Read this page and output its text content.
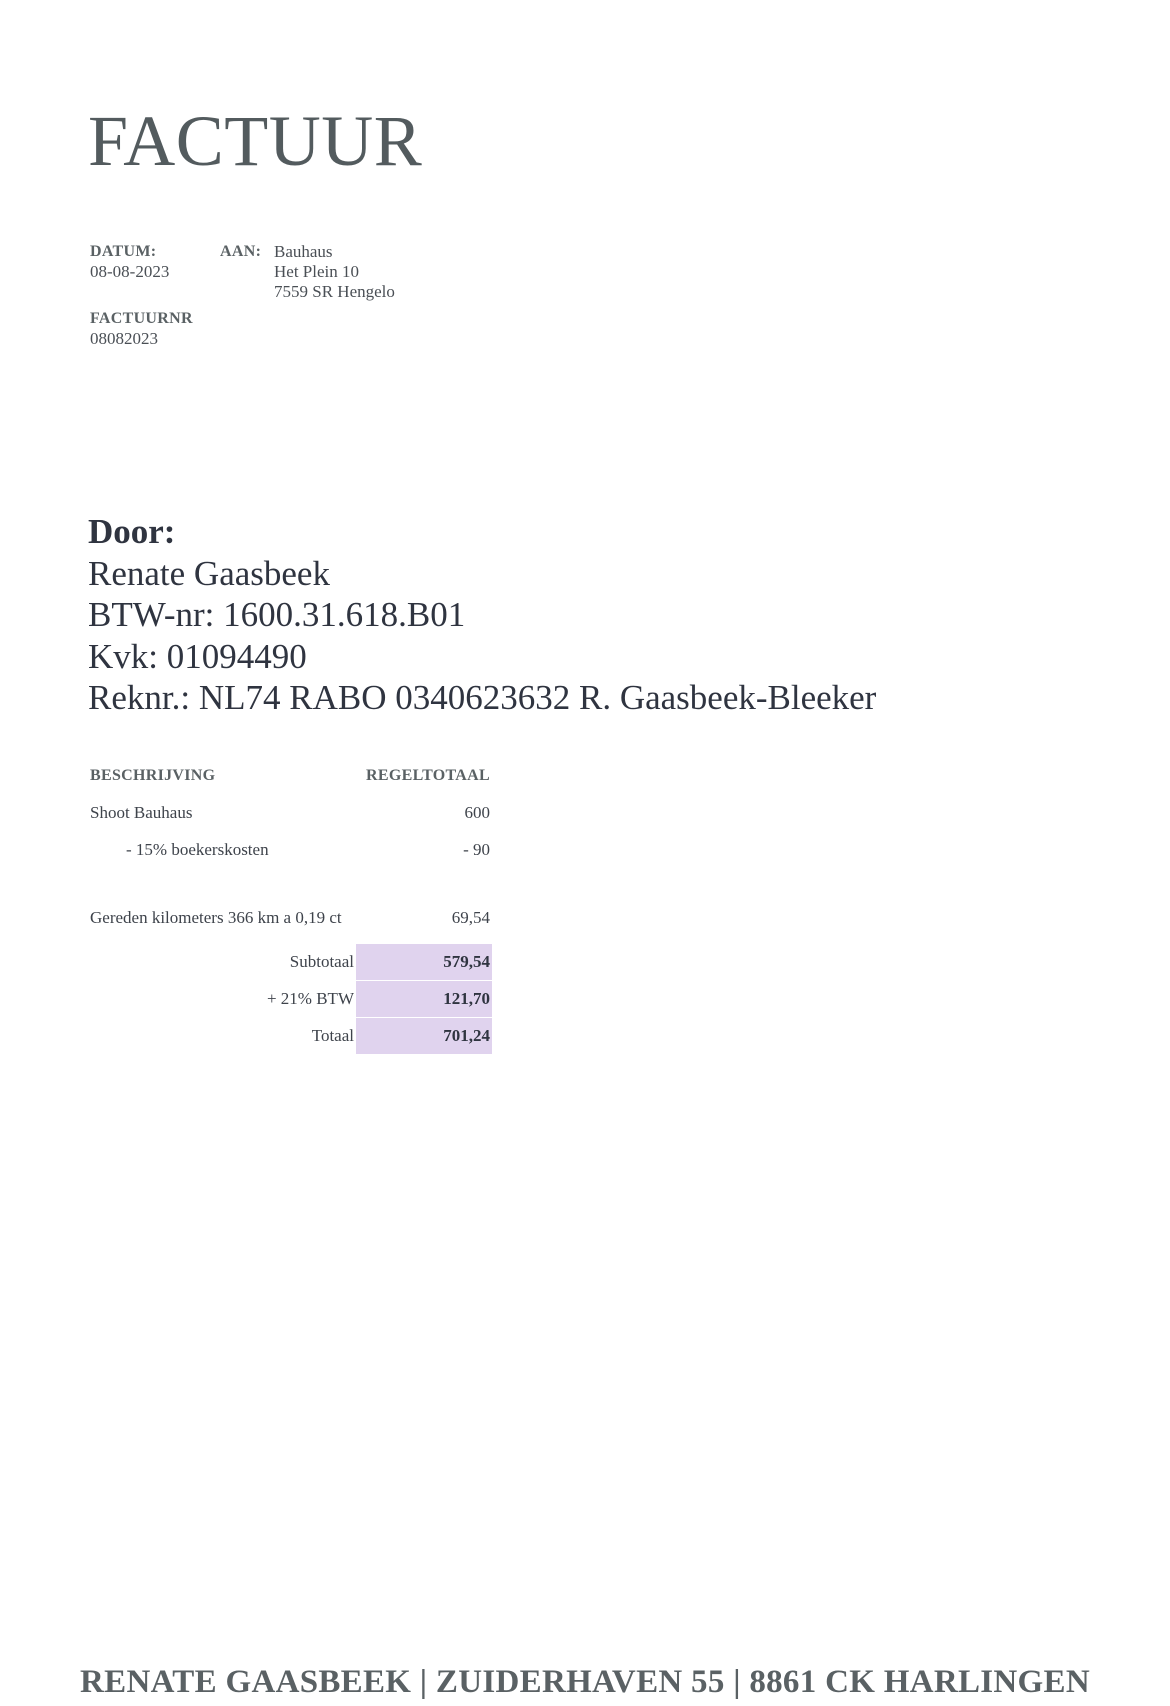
FACTUUR
DATUM:
08-08-2023
AAN: Bauhaus
Het Plein 10
7559 SR Hengelo
FACTUURNR
08082023
Door:
Renate Gaasbeek
BTW-nr: 1600.31.618.B01
Kvk: 01094490
Reknr.: NL74 RABO 0340623632 R. Gaasbeek-Bleeker
BESCHRIJVING	REGELTOTAAL
Shoot Bauhaus	600
- 15% boekerskosten	- 90
Gereden kilometers 366 km a 0,19 ct	69,54
Subtotaal	579,54
+ 21% BTW	121,70
Totaal	701,24
RENATE GAASBEEK | ZUIDERHAVEN 55 | 8861 CK HARLINGEN
